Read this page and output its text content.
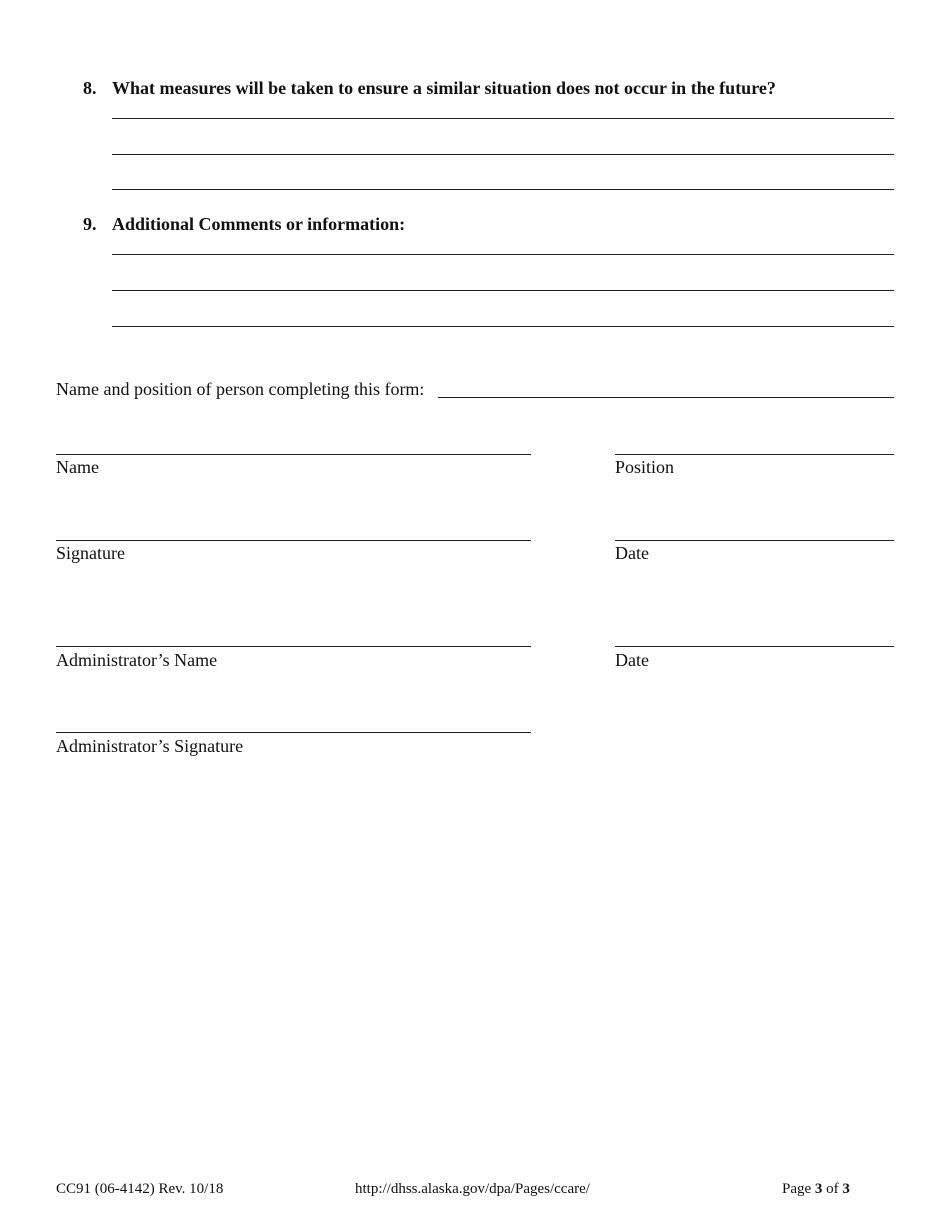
8. What measures will be taken to ensure a similar situation does not occur in the future?
9. Additional Comments or information:
Name and position of person completing this form:
Name	Position
Signature	Date
Administrator’s Name	Date
Administrator’s Signature
CC91 (06-4142) Rev. 10/18	http://dhss.alaska.gov/dpa/Pages/ccare/	Page 3 of 3
